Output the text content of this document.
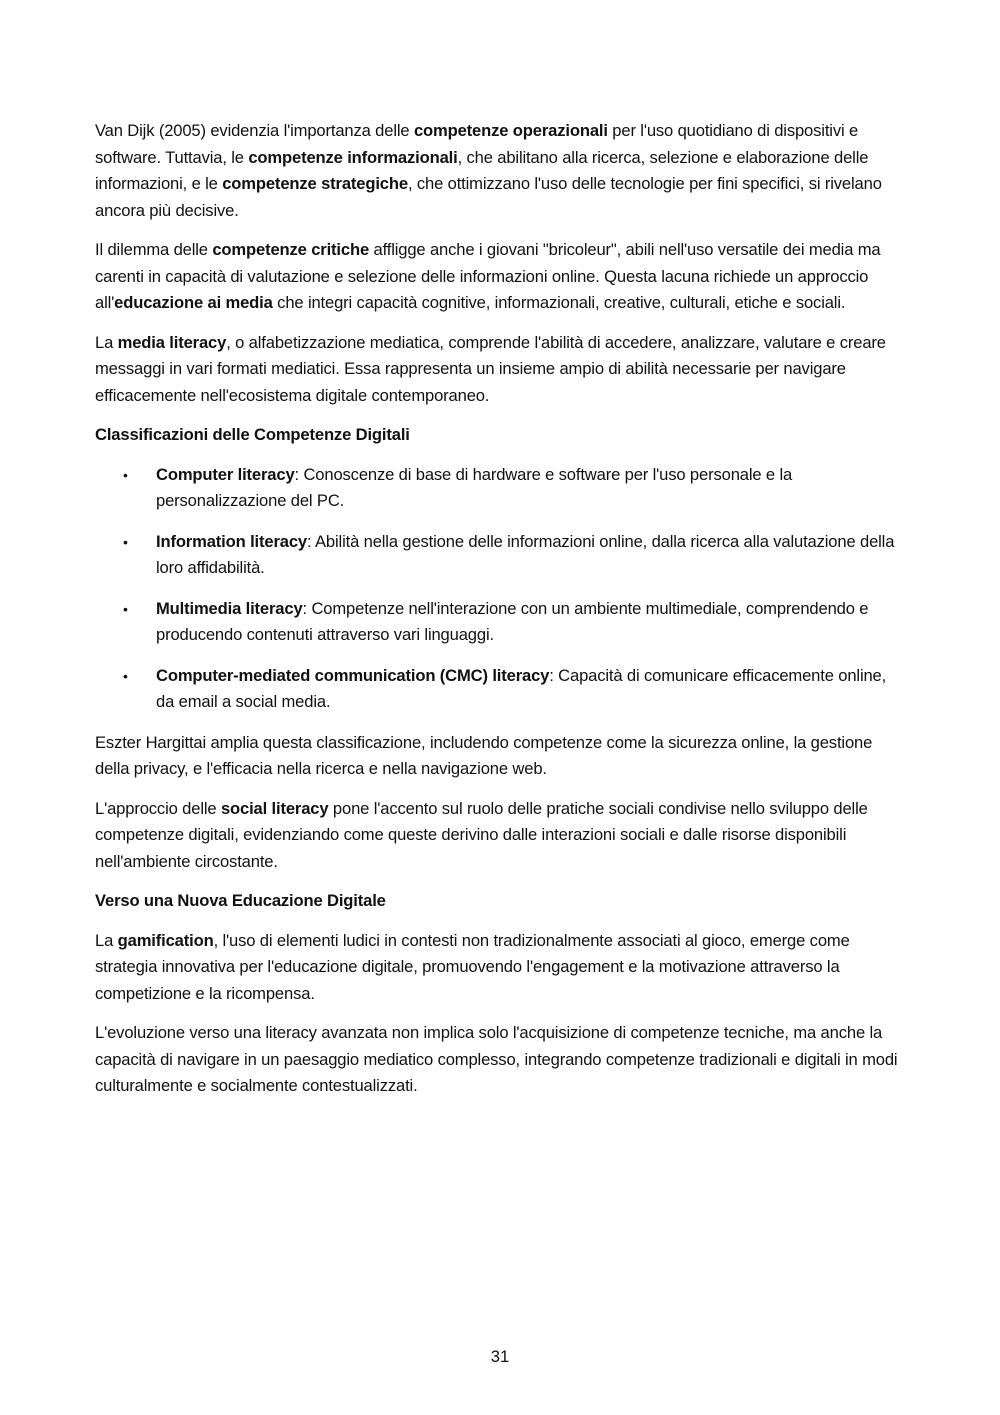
Van Dijk (2005) evidenzia l'importanza delle competenze operazionali per l'uso quotidiano di dispositivi e software. Tuttavia, le competenze informazionali, che abilitano alla ricerca, selezione e elaborazione delle informazioni, e le competenze strategiche, che ottimizzano l'uso delle tecnologie per fini specifici, si rivelano ancora più decisive.

Il dilemma delle competenze critiche affligge anche i giovani "bricoleur", abili nell'uso versatile dei media ma carenti in capacità di valutazione e selezione delle informazioni online. Questa lacuna richiede un approccio all'educazione ai media che integri capacità cognitive, informazionali, creative, culturali, etiche e sociali.

La media literacy, o alfabetizzazione mediatica, comprende l'abilità di accedere, analizzare, valutare e creare messaggi in vari formati mediatici. Essa rappresenta un insieme ampio di abilità necessarie per navigare efficacemente nell'ecosistema digitale contemporaneo.

Classificazioni delle Competenze Digitali
• Computer literacy: Conoscenze di base di hardware e software per l'uso personale e la personalizzazione del PC.
• Information literacy: Abilità nella gestione delle informazioni online, dalla ricerca alla valutazione della loro affidabilità.
• Multimedia literacy: Competenze nell'interazione con un ambiente multimediale, comprendendo e producendo contenuti attraverso vari linguaggi.
• Computer-mediated communication (CMC) literacy: Capacità di comunicare efficacemente online, da email a social media.

Eszter Hargittai amplia questa classificazione, includendo competenze come la sicurezza online, la gestione della privacy, e l'efficacia nella ricerca e nella navigazione web.

L'approccio delle social literacy pone l'accento sul ruolo delle pratiche sociali condivise nello sviluppo delle competenze digitali, evidenziando come queste derivino dalle interazioni sociali e dalle risorse disponibili nell'ambiente circostante.

Verso una Nuova Educazione Digitale

La gamification, l'uso di elementi ludici in contesti non tradizionalmente associati al gioco, emerge come strategia innovativa per l'educazione digitale, promuovendo l'engagement e la motivazione attraverso la competizione e la ricompensa.

L'evoluzione verso una literacy avanzata non implica solo l'acquisizione di competenze tecniche, ma anche la capacità di navigare in un paesaggio mediatico complesso, integrando competenze tradizionali e digitali in modi culturalmente e socialmente contestualizzati.

31
